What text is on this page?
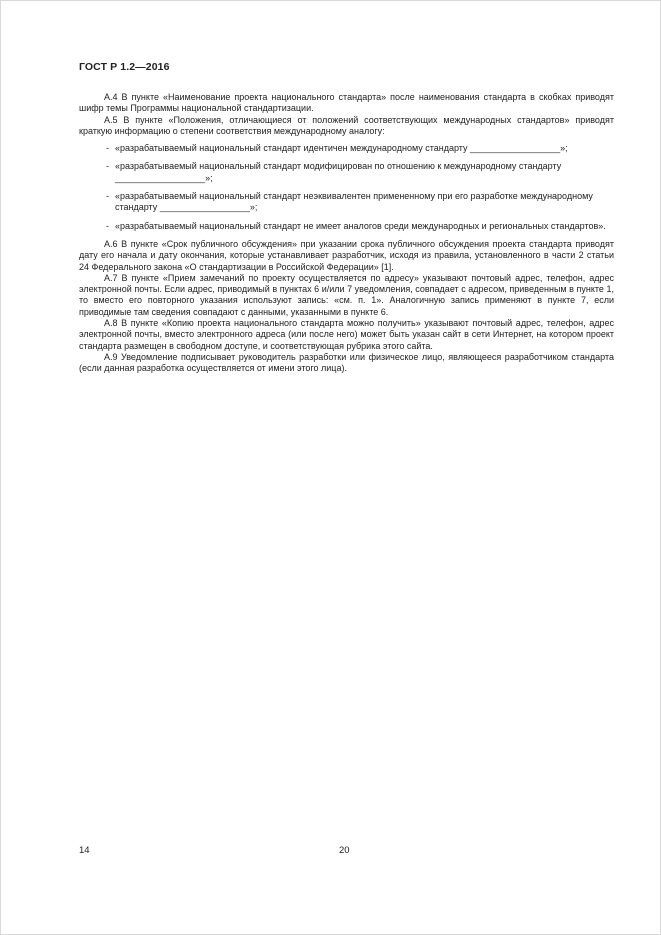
ГОСТ Р 1.2—2016

А.4 В пункте «Наименование проекта национального стандарта» после наименования стандарта в скобках приводят шифр темы Программы национальной стандартизации.

А.5 В пункте «Положения, отличающиеся от положений соответствующих международных стандартов» приводят краткую информацию о степени соответствия международному аналогу:

- «разрабатываемый национальный стандарт идентичен международному стандарту __________________»;
- «разрабатываемый национальный стандарт модифицирован по отношению к международному стандарту __________________»;
- «разрабатываемый национальный стандарт неэквивалентен примененному при его разработке международному стандарту __________________»;
- «разрабатываемый национальный стандарт не имеет аналогов среди международных и региональных стандартов».

А.6 В пункте «Срок публичного обсуждения» при указании срока публичного обсуждения проекта стандарта приводят дату его начала и дату окончания, которые устанавливает разработчик, исходя из правила, установленного в части 2 статьи 24 Федерального закона «О стандартизации в Российской Федерации» [1].

А.7 В пункте «Прием замечаний по проекту осуществляется по адресу» указывают почтовый адрес, телефон, адрес электронной почты. Если адрес, приводимый в пунктах 6 и/или 7 уведомления, совпадает с адресом, приведенным в пункте 1, то вместо его повторного указания используют запись: «см. п. 1». Аналогичную запись применяют в пункте 7, если приводимые там сведения совпадают с данными, указанными в пункте 6.

А.8 В пункте «Копию проекта национального стандарта можно получить» указывают почтовый адрес, телефон, адрес электронной почты, вместо электронного адреса (или после него) может быть указан сайт в сети Интернет, на котором проект стандарта размещен в свободном доступе, и соответствующая рубрика этого сайта.

А.9 Уведомление подписывает руководитель разработки или физическое лицо, являющееся разработчиком стандарта (если данная разработка осуществляется от имени этого лица).

14	20
